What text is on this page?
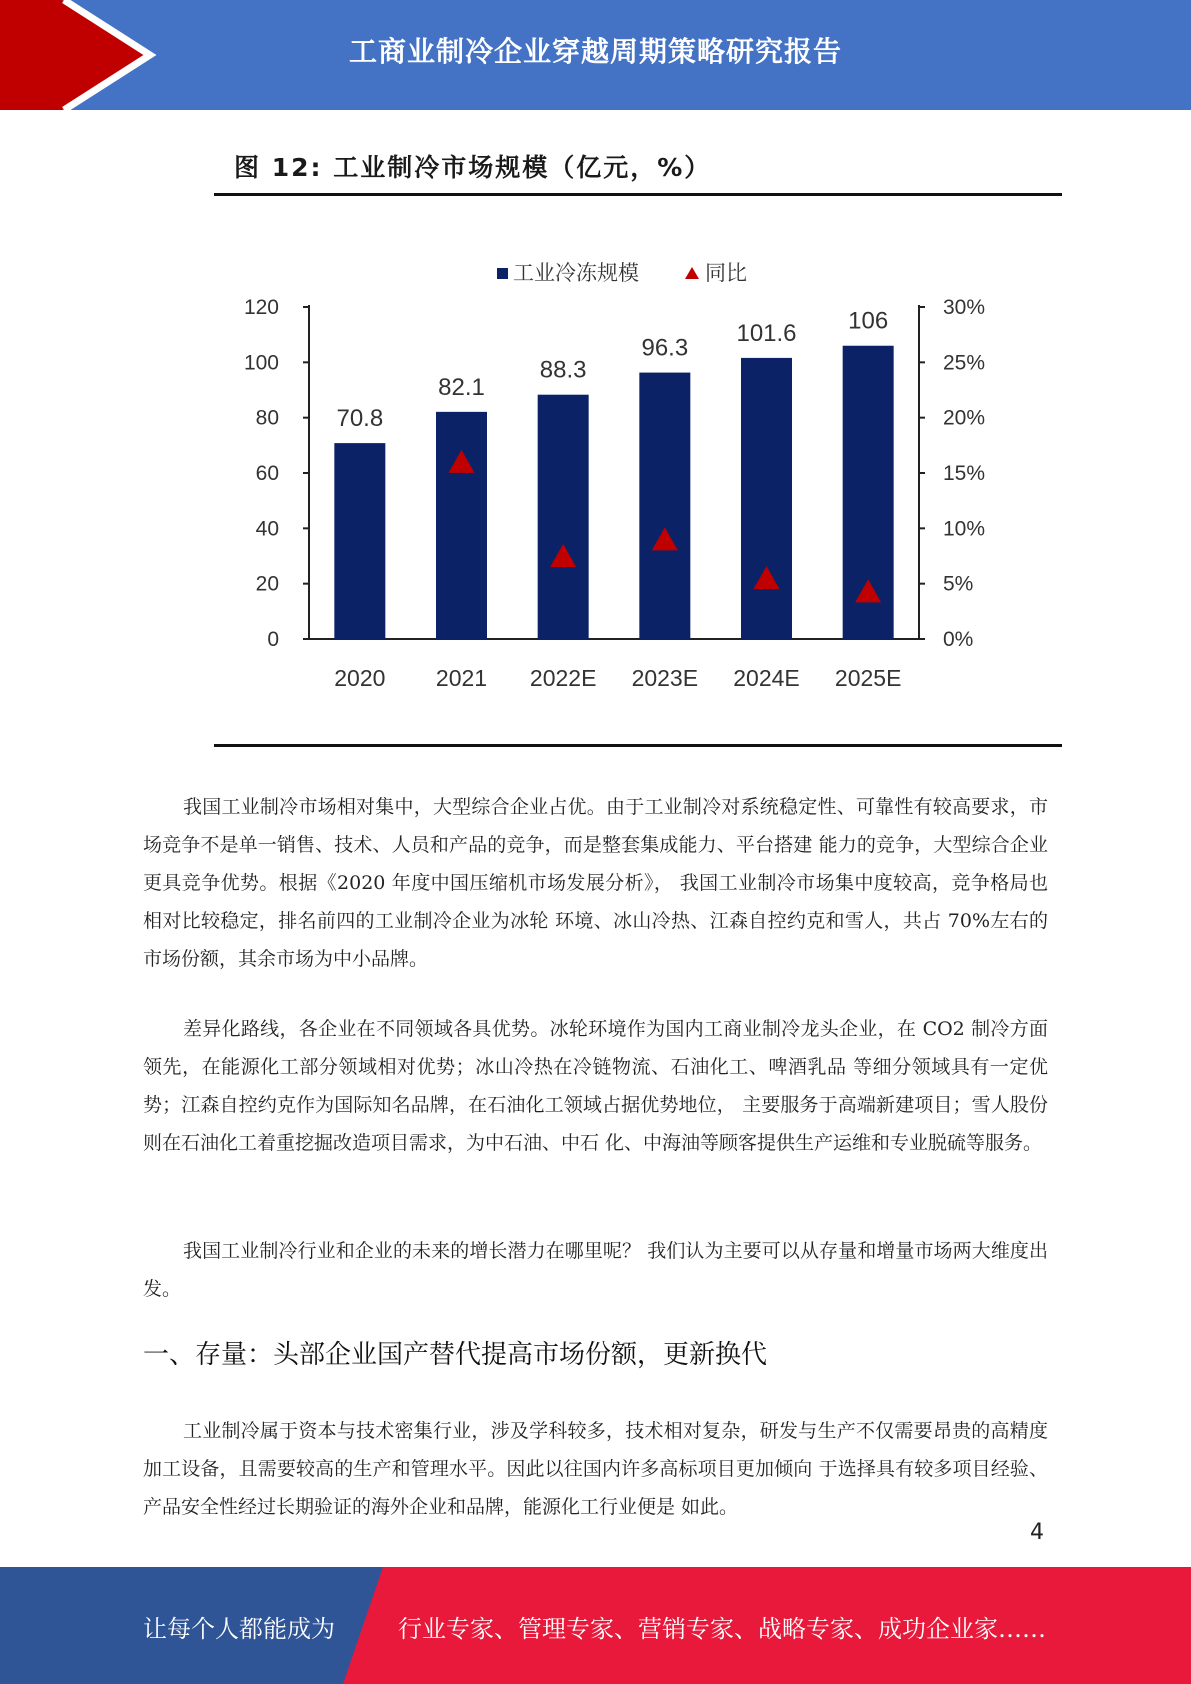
工商业制冷企业穿越周期策略研究报告
图 12: 工业制冷市场规模（亿元，%）
0
20
40
60
80
100
120
0%
5%
10%
15%
20%
25%
30%
70.8
2020
82.1
2021
88.3
2022E
96.3
2023E
101.6
2024E
106
2025E
工业冷冻规模	同比

我国工业制冷市场相对集中，大型综合企业占优。由于工业制冷对系统稳定性、可靠性有较高要求，市场竞争不是单一销售、技术、人员和产品的竞争，而是整套集成能力、平台搭建 能力的竞争，大型综合企业更具竞争优势。根据《2020 年度中国压缩机市场发展分析》， 我国工业制冷市场集中度较高，竞争格局也相对比较稳定，排名前四的工业制冷企业为冰轮 环境、冰山冷热、江森自控约克和雪人，共占 70%左右的市场份额，其余市场为中小品牌。

差异化路线，各企业在不同领域各具优势。冰轮环境作为国内工商业制冷龙头企业，在 CO2 制冷方面领先，在能源化工部分领域相对优势；冰山冷热在冷链物流、石油化工、啤酒乳品 等细分领域具有一定优势；江森自控约克作为国际知名品牌，在石油化工领域占据优势地位， 主要服务于高端新建项目；雪人股份则在石油化工着重挖掘改造项目需求，为中石油、中石 化、中海油等顾客提供生产运维和专业脱硫等服务。

我国工业制冷行业和企业的未来的增长潜力在哪里呢？ 我们认为主要可以从存量和增量市场两大维度出发。

一、存量：头部企业国产替代提高市场份额，更新换代

工业制冷属于资本与技术密集行业，涉及学科较多，技术相对复杂，研发与生产不仅需要昂贵的高精度加工设备，且需要较高的生产和管理水平。因此以往国内许多高标项目更加倾向 于选择具有较多项目经验、产品安全性经过长期验证的海外企业和品牌，能源化工行业便是 如此。

4
让每个人都能成为	行业专家、管理专家、营销专家、战略专家、成功企业家……
